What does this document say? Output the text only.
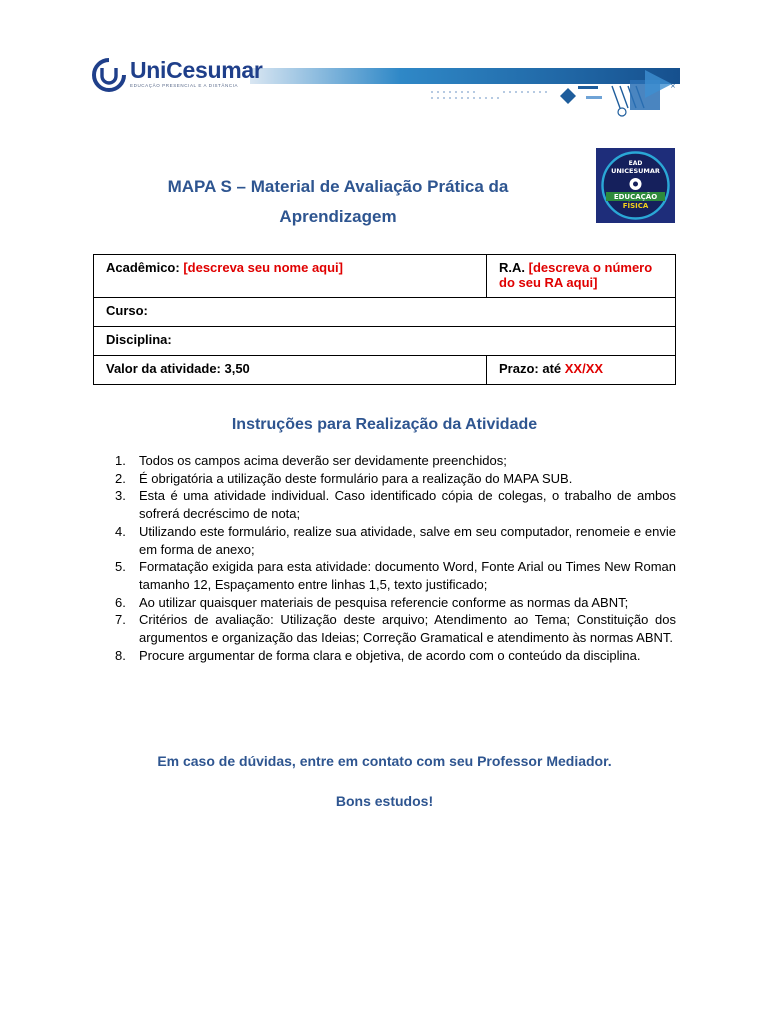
×
UniCesumar
EDUCAÇÃO PRESENCIAL E A DISTÂNCIA
EAD
UNICESUMAR
EDUCAÇÃO
FÍSICA
MAPA S – Material de Avaliação Prática da
Aprendizagem
Acadêmico: [descreva seu nome aqui]	R.A. [descreva o número do seu RA aqui]
Curso:	
Disciplina:	
Valor da atividade: 3,50	Prazo: até XX/XX
Instruções para Realização da Atividade
1. Todos os campos acima deverão ser devidamente preenchidos;
2. É obrigatória a utilização deste formulário para a realização do MAPA SUB.
3. Esta é uma atividade individual. Caso identificado cópia de colegas, o trabalho de ambos sofrerá decréscimo de nota;
4. Utilizando este formulário, realize sua atividade, salve em seu computador, renomeie e envie em forma de anexo;
5. Formatação exigida para esta atividade: documento Word, Fonte Arial ou Times New Roman tamanho 12, Espaçamento entre linhas 1,5, texto justificado;
6. Ao utilizar quaisquer materiais de pesquisa referencie conforme as normas da ABNT;
7. Critérios de avaliação: Utilização deste arquivo; Atendimento ao Tema; Constituição dos argumentos e organização das Ideias; Correção Gramatical e atendimento às normas ABNT.
8. Procure argumentar de forma clara e objetiva, de acordo com o conteúdo da disciplina.
Em caso de dúvidas, entre em contato com seu Professor Mediador.
Bons estudos!
